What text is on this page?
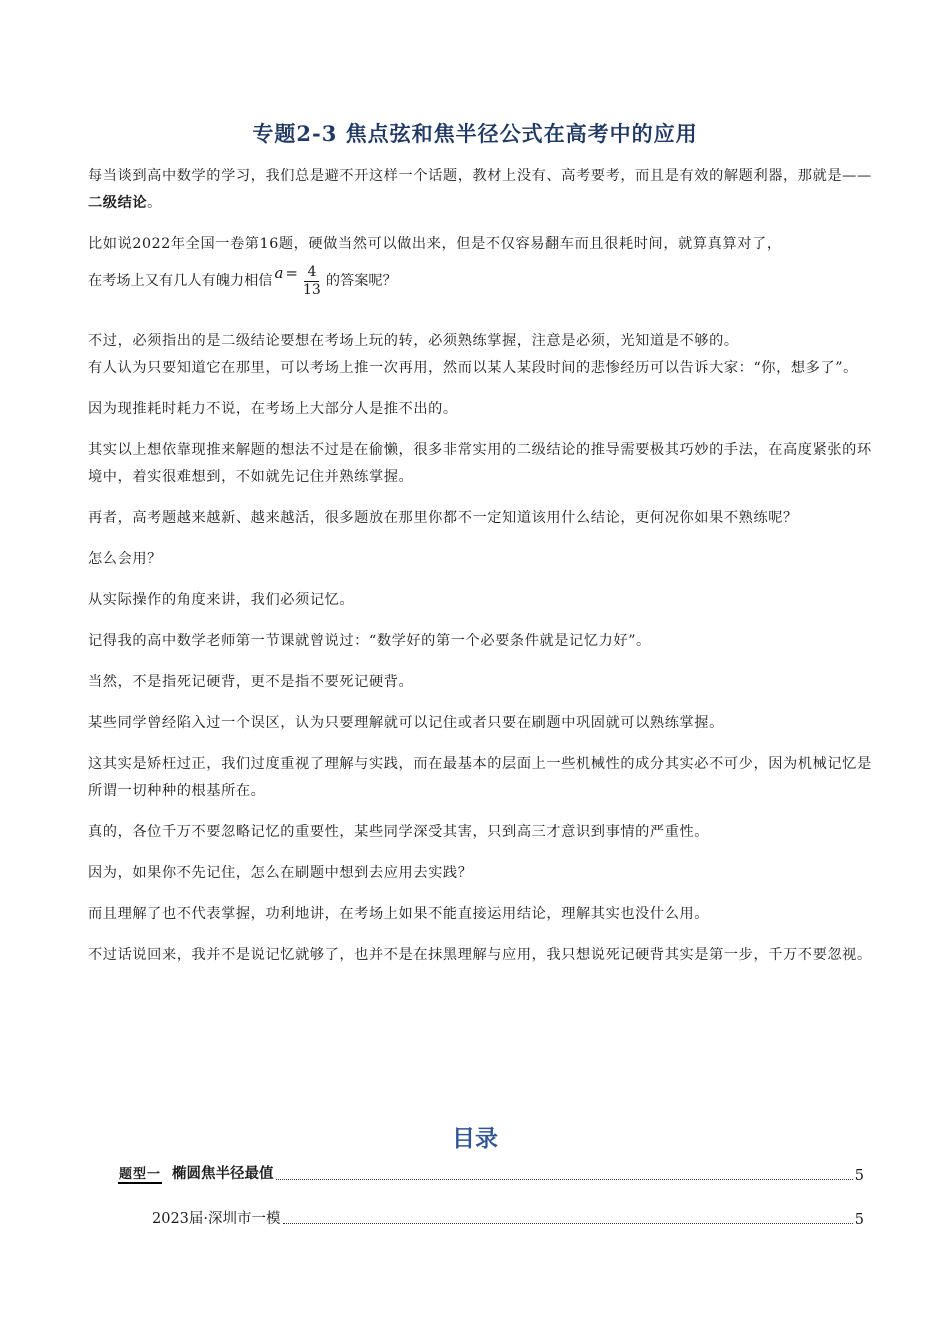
专题2-3 焦点弦和焦半径公式在高考中的应用

每当谈到高中数学的学习，我们总是避不开这样一个话题，教材上没有、高考要考，而且是有效的解题利器，那就是——二级结论。

比如说2022年全国一卷第16题，硬做当然可以做出来，但是不仅容易翻车而且很耗时间，就算真算对了，

在考场上又有几人有魄力相信 $a = \frac{4}{13}$ 的答案呢？

不过，必须指出的是二级结论要想在考场上玩的转，必须熟练掌握，注意是必须，光知道是不够的。

有人认为只要知道它在那里，可以考场上推一次再用，然而以某人某段时间的悲惨经历可以告诉大家：“你，想多了”。

因为现推耗时耗力不说，在考场上大部分人是推不出的。

其实以上想依靠现推来解题的想法不过是在偷懒，很多非常实用的二级结论的推导需要极其巧妙的手法，在高度紧张的环境中，着实很难想到，不如就先记住并熟练掌握。

再者，高考题越来越新、越来越活，很多题放在那里你都不一定知道该用什么结论，更何况你如果不熟练呢？

怎么会用？

从实际操作的角度来讲，我们必须记忆。

记得我的高中数学老师第一节课就曾说过：“数学好的第一个必要条件就是记忆力好”。

当然，不是指死记硬背，更不是指不要死记硬背。

某些同学曾经陷入过一个误区，认为只要理解就可以记住或者只要在刷题中巩固就可以熟练掌握。

这其实是矫枉过正，我们过度重视了理解与实践，而在最基本的层面上一些机械性的成分其实必不可少，因为机械记忆是所谓一切种种的根基所在。

真的，各位千万不要忽略记忆的重要性，某些同学深受其害，只到高三才意识到事情的严重性。

因为，如果你不先记住，怎么在刷题中想到去应用去实践？

而且理解了也不代表掌握，功利地讲，在考场上如果不能直接运用结论，理解其实也没什么用。

不过话说回来，我并不是说记忆就够了，也并不是在抹黑理解与应用，我只想说死记硬背其实是第一步，千万不要忽视。

目录
题型一 椭圆焦半径最值	5
2023届·深圳市一模	5
